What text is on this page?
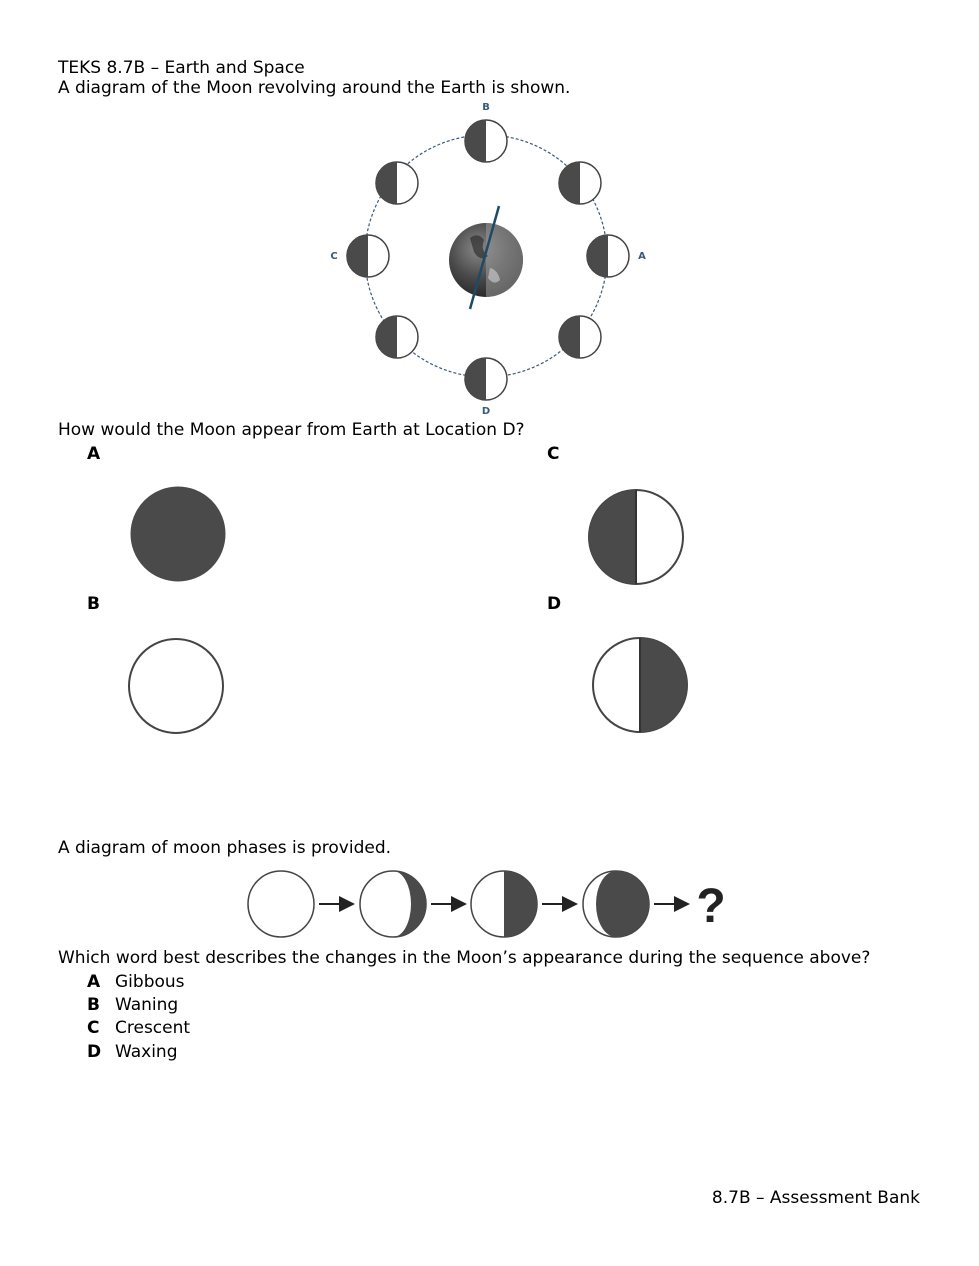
TEKS 8.7B – Earth and Space
A diagram of the Moon revolving around the Earth is shown.
B
A
C
D
How would the Moon appear from Earth at Location D?
A	C
B	D
A diagram of moon phases is provided.
?
Which word best describes the changes in the Moon’s appearance during the sequence above?
A Gibbous
B Waning
C Crescent
D Waxing
8.7B – Assessment Bank
